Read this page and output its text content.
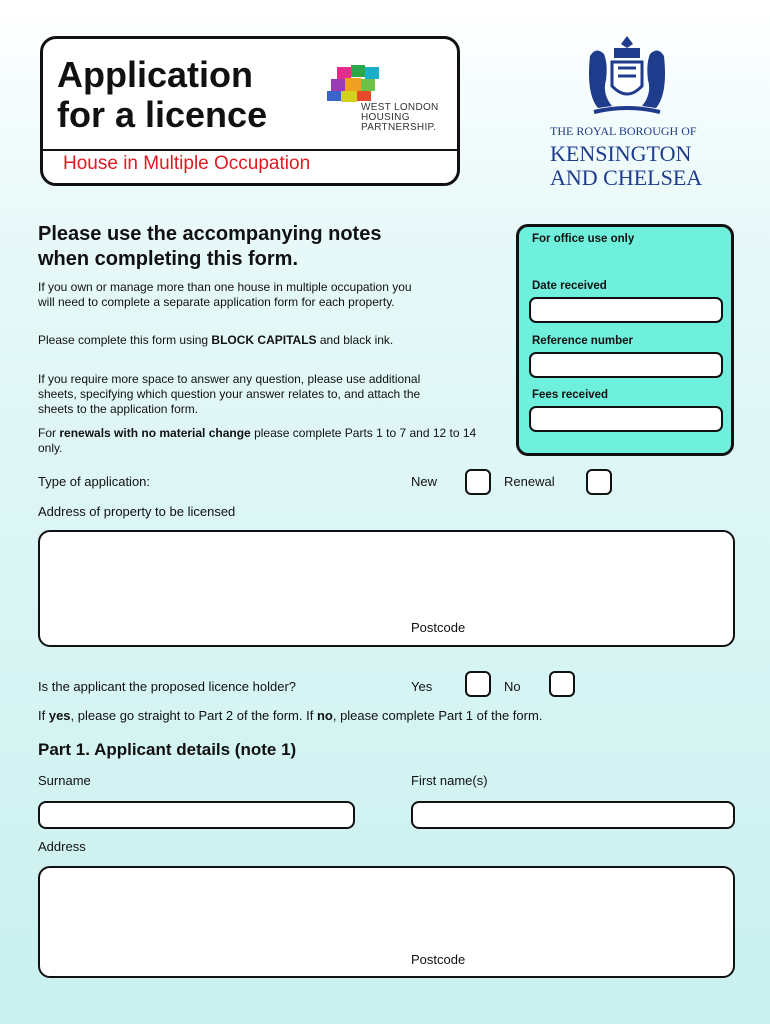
Application
for a licence	WEST LONDON
HOUSING
PARTNERSHIP.
House in Multiple Occupation
THE ROYAL BOROUGH OF
KENSINGTON
AND CHELSEA
Please use the accompanying notes
when completing this form.
If you own or manage more than one house in multiple occupation you will need to complete a separate application form for each property.
Please complete this form using BLOCK CAPITALS and black ink.
If you require more space to answer any question, please use additional sheets, specifying which question your answer relates to, and attach the sheets to the application form.
For renewals with no material change please complete Parts 1 to 7 and 12 to 14 only.
For office use only
Date received
Reference number
Fees received
Type of application:	New	Renewal
Address of property to be licensed
Postcode
Is the applicant the proposed licence holder?	Yes	No
If yes, please go straight to Part 2 of the form. If no, please complete Part 1 of the form.
Part 1. Applicant details (note 1)
Surname	First name(s)
Address
Postcode
